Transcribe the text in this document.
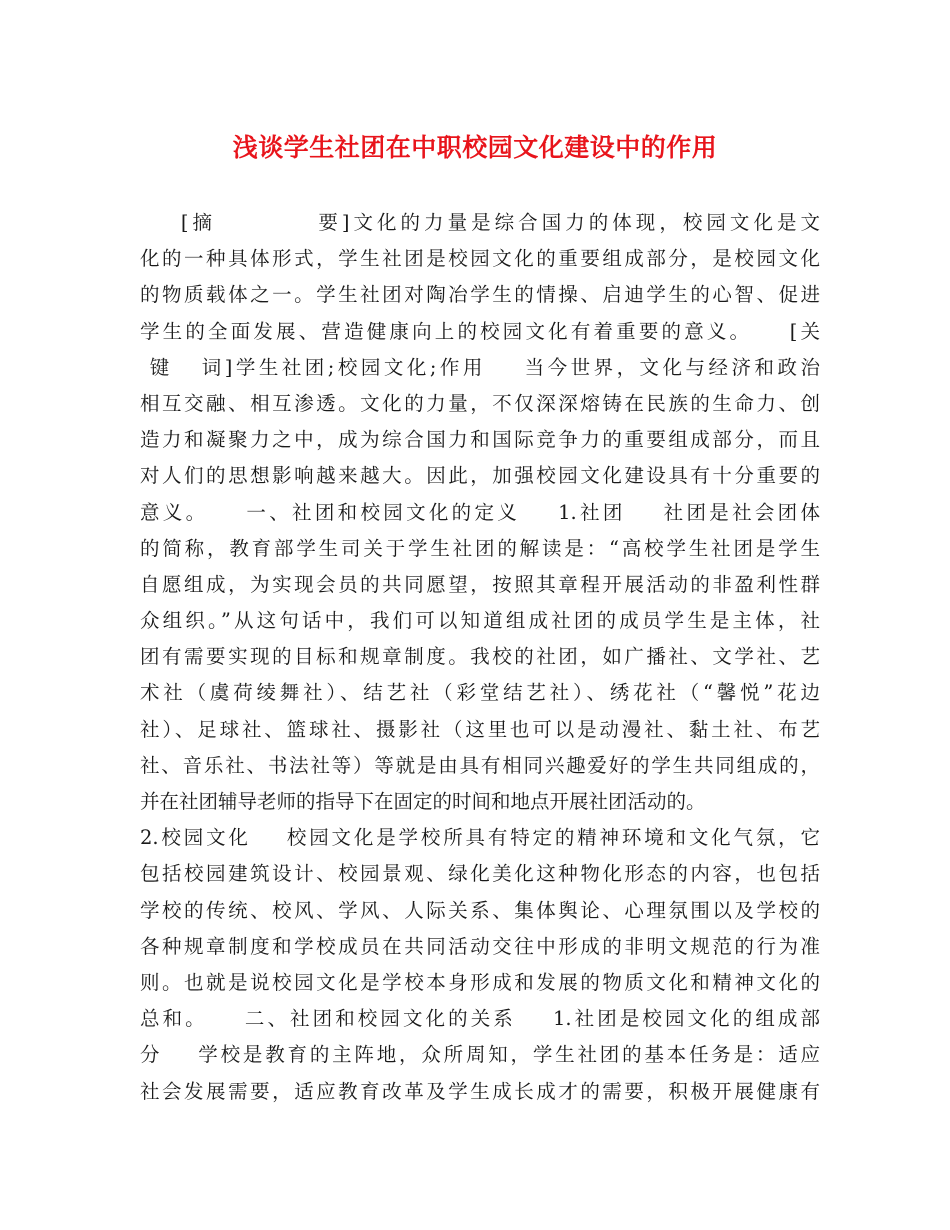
浅谈学生社团在中职校园文化建设中的作用
[摘          要]文化的力量是综合国力的体现，校园文化是文
化的一种具体形式，学生社团是校园文化的重要组成部分，是校园文化
的物质载体之一。学生社团对陶冶学生的情操、启迪学生的心智、促进
学生的全面发展、营造健康向上的校园文化有着重要的意义。    [关
键   词]学生社团;校园文化;作用    当今世界，文化与经济和政治
相互交融、相互渗透。文化的力量，不仅深深熔铸在民族的生命力、创
造力和凝聚力之中，成为综合国力和国际竞争力的重要组成部分，而且
对人们的思想影响越来越大。因此，加强校园文化建设具有十分重要的
意义。    一、社团和校园文化的定义    1.社团    社团是社会团体
的简称，教育部学生司关于学生社团的解读是：“高校学生社团是学生
自愿组成，为实现会员的共同愿望，按照其章程开展活动的非盈利性群
众组织。”从这句话中，我们可以知道组成社团的成员学生是主体，社
团有需要实现的目标和规章制度。我校的社团，如广播社、文学社、艺
术社（虞荷绫舞社）、结艺社（彩堂结艺社）、绣花社（“馨悦”花边
社）、足球社、篮球社、摄影社（这里也可以是动漫社、黏土社、布艺
社、音乐社、书法社等）等就是由具有相同兴趣爱好的学生共同组成的，
并在社团辅导老师的指导下在固定的时间和地点开展社团活动的。
2.校园文化    校园文化是学校所具有特定的精神环境和文化气氛，它
包括校园建筑设计、校园景观、绿化美化这种物化形态的内容，也包括
学校的传统、校风、学风、人际关系、集体舆论、心理氛围以及学校的
各种规章制度和学校成员在共同活动交往中形成的非明文规范的行为准
则。也就是说校园文化是学校本身形成和发展的物质文化和精神文化的
总和。    二、社团和校园文化的关系    1.社团是校园文化的组成部
分    学校是教育的主阵地，众所周知，学生社团的基本任务是：适应
社会发展需要，适应教育改革及学生成长成才的需要，积极开展健康有
